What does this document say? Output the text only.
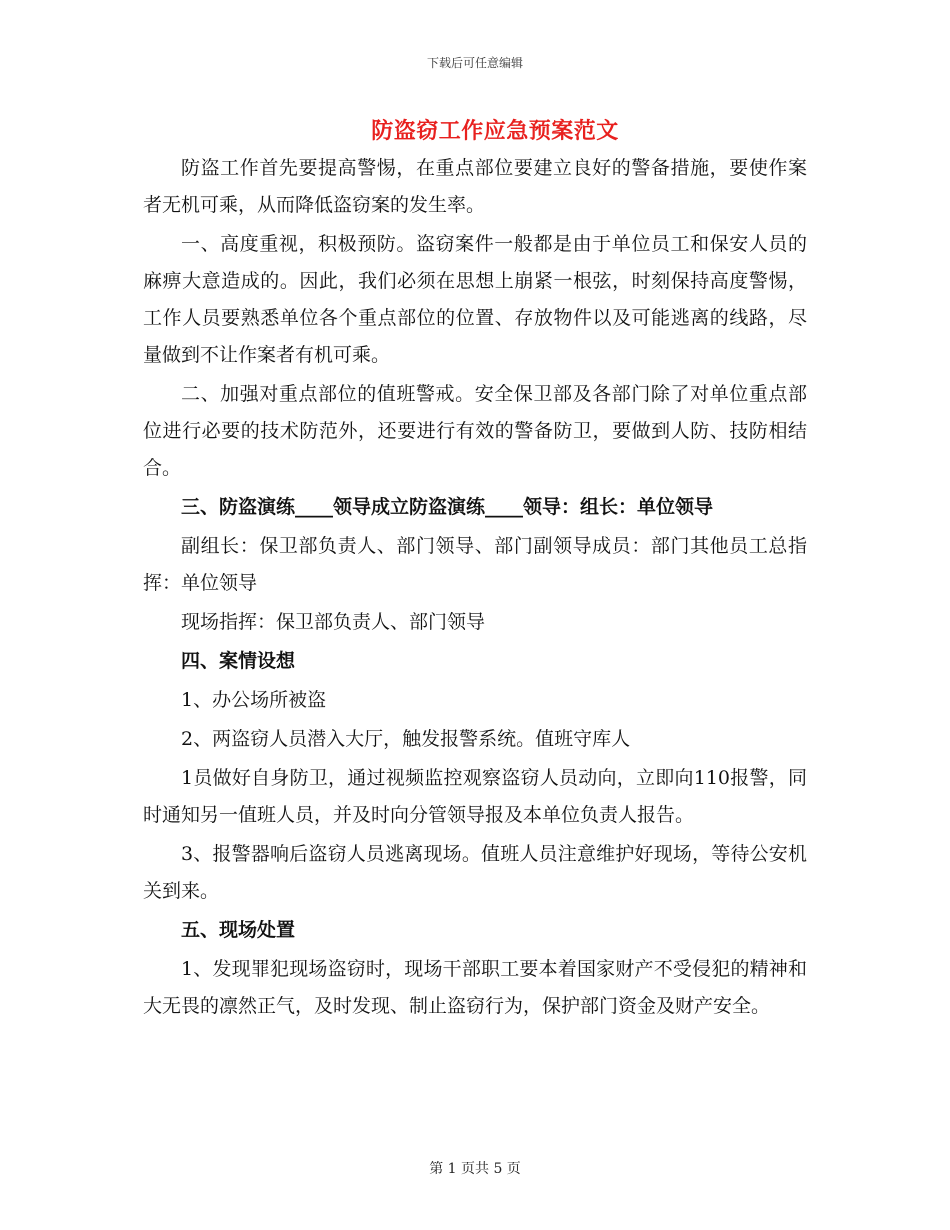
下载后可任意编辑
防盗窃工作应急预案范文

防盗工作首先要提高警惕，在重点部位要建立良好的警备措施，要使作案者无机可乘，从而降低盗窃案的发生率。

一、高度重视，积极预防。盗窃案件一般都是由于单位员工和保安人员的麻痹大意造成的。因此，我们必须在思想上崩紧一根弦，时刻保持高度警惕，工作人员要熟悉单位各个重点部位的位置、存放物件以及可能逃离的线路，尽量做到不让作案者有机可乘。

二、加强对重点部位的值班警戒。安全保卫部及各部门除了对单位重点部位进行必要的技术防范外，还要进行有效的警备防卫，要做到人防、技防相结合。

三、防盗演练____领导成立防盗演练____领导：组长：单位领导

副组长：保卫部负责人、部门领导、部门副领导成员：部门其他员工总指挥：单位领导

现场指挥：保卫部负责人、部门领导

四、案情设想

1、办公场所被盗

2、两盗窃人员潜入大厅，触发报警系统。值班守库人

1员做好自身防卫，通过视频监控观察盗窃人员动向，立即向110报警，同时通知另一值班人员，并及时向分管领导报及本单位负责人报告。

3、报警器响后盗窃人员逃离现场。值班人员注意维护好现场，等待公安机关到来。

五、现场处置

1、发现罪犯现场盗窃时，现场干部职工要本着国家财产不受侵犯的精神和大无畏的凛然正气，及时发现、制止盗窃行为，保护部门资金及财产安全。

第 1 页共 5 页
